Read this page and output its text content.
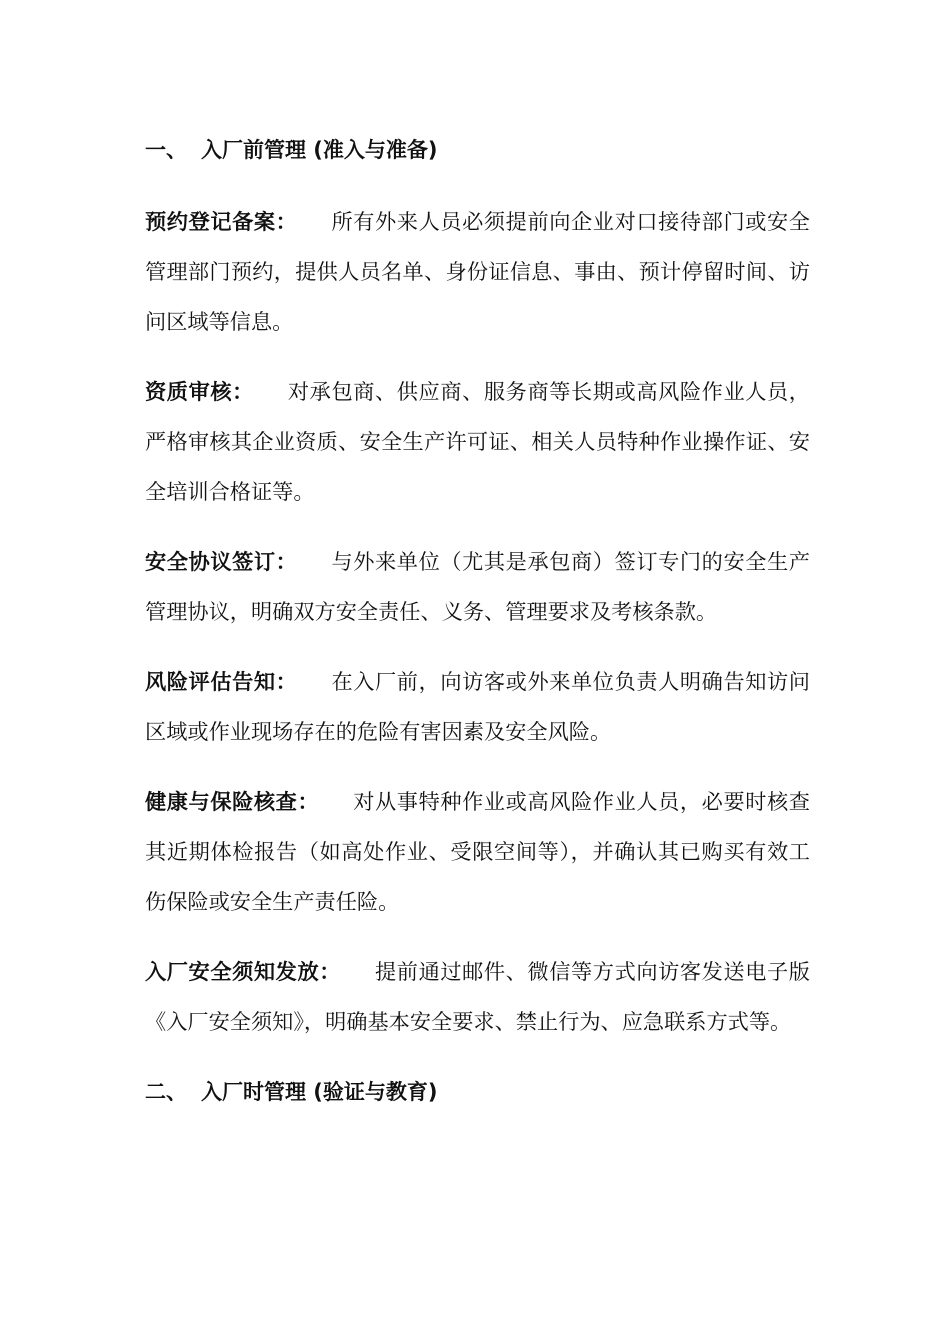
一、 入厂前管理 (准入与准备)

预约登记备案： 所有外来人员必须提前向企业对口接待部门或安全管理部门预约，提供人员名单、身份证信息、事由、预计停留时间、访问区域等信息。

资质审核： 对承包商、供应商、服务商等长期或高风险作业人员，严格审核其企业资质、安全生产许可证、相关人员特种作业操作证、安全培训合格证等。

安全协议签订： 与外来单位（尤其是承包商）签订专门的安全生产管理协议，明确双方安全责任、义务、管理要求及考核条款。

风险评估告知： 在入厂前，向访客或外来单位负责人明确告知访问区域或作业现场存在的危险有害因素及安全风险。

健康与保险核查： 对从事特种作业或高风险作业人员，必要时核查其近期体检报告（如高处作业、受限空间等），并确认其已购买有效工伤保险或安全生产责任险。

入厂安全须知发放： 提前通过邮件、微信等方式向访客发送电子版《入厂安全须知》，明确基本安全要求、禁止行为、应急联系方式等。

二、 入厂时管理 (验证与教育)
